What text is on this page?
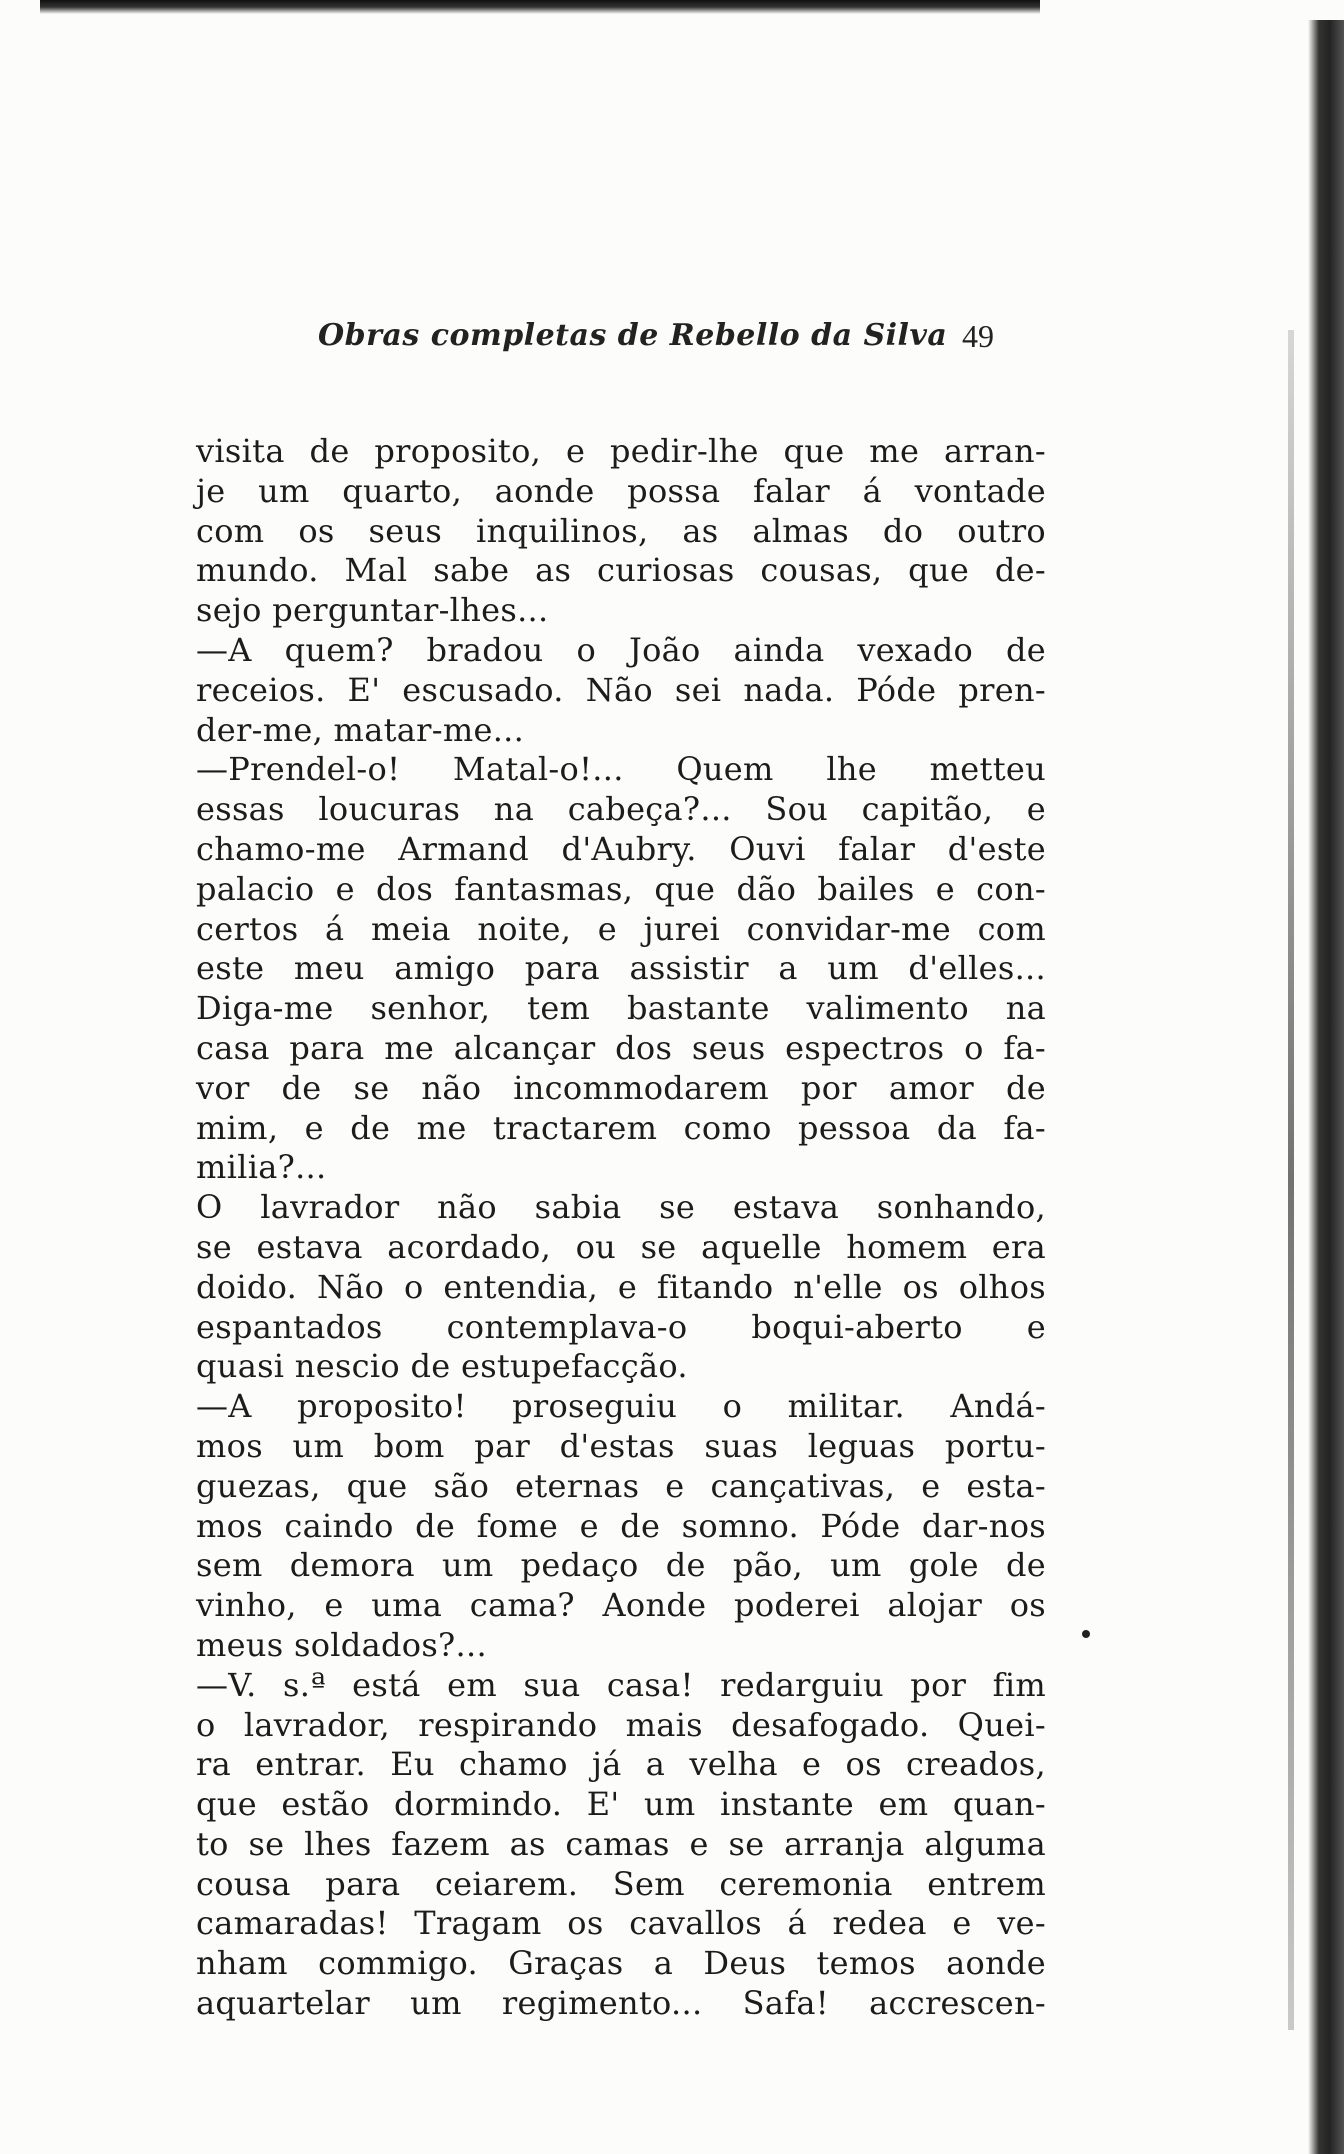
Obras completas de Rebello da Silva 49
visita de proposito, e pedir-lhe que me arran-
je um quarto, aonde possa falar á vontade
com os seus inquilinos, as almas do outro
mundo. Mal sabe as curiosas cousas, que de-
sejo perguntar-lhes...
—A quem? bradou o João ainda vexado de
receios. E' escusado. Não sei nada. Póde pren-
der-me, matar-me...
—Prendel-o! Matal-o!... Quem lhe metteu
essas loucuras na cabeça?... Sou capitão, e
chamo-me Armand d'Aubry. Ouvi falar d'este
palacio e dos fantasmas, que dão bailes e con-
certos á meia noite, e jurei convidar-me com
este meu amigo para assistir a um d'elles...
Diga-me senhor, tem bastante valimento na
casa para me alcançar dos seus espectros o fa-
vor de se não incommodarem por amor de
mim, e de me tractarem como pessoa da fa-
milia?...
O lavrador não sabia se estava sonhando,
se estava acordado, ou se aquelle homem era
doido. Não o entendia, e fitando n'elle os olhos
espantados contemplava-o boqui-aberto e
quasi nescio de estupefacção.
—A proposito! proseguiu o militar. Andá-
mos um bom par d'estas suas leguas portu-
guezas, que são eternas e cançativas, e esta-
mos caindo de fome e de somno. Póde dar-nos
sem demora um pedaço de pão, um gole de
vinho, e uma cama? Aonde poderei alojar os
meus soldados?...
—V. s.ª está em sua casa! redarguiu por fim
o lavrador, respirando mais desafogado. Quei-
ra entrar. Eu chamo já a velha e os creados,
que estão dormindo. E' um instante em quan-
to se lhes fazem as camas e se arranja alguma
cousa para ceiarem. Sem ceremonia entrem
camaradas! Tragam os cavallos á redea e ve-
nham commigo. Graças a Deus temos aonde
aquartelar um regimento... Safa! accrescen-
